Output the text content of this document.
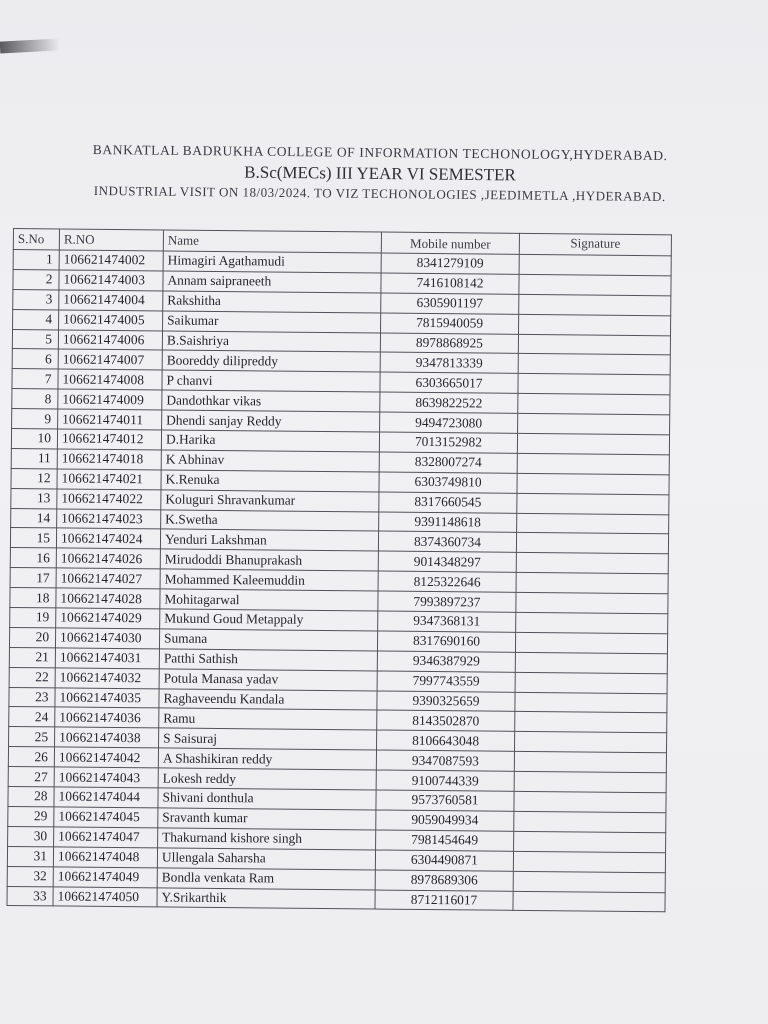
BANKATLAL BADRUKHA COLLEGE OF INFORMATION TECHONOLOGY,HYDERABAD.
B.Sc(MECs) III YEAR VI SEMESTER
INDUSTRIAL VISIT ON 18/03/2024. TO VIZ TECHONOLOGIES ,JEEDIMETLA ,HYDERABAD.
S.No	R.NO	Name	Mobile number	Signature
1	106621474002	Himagiri Agathamudi	8341279109	
2	106621474003	Annam saipraneeth	7416108142	
3	106621474004	Rakshitha	6305901197	
4	106621474005	Saikumar	7815940059	
5	106621474006	B.Saishriya	8978868925	
6	106621474007	Booreddy dilipreddy	9347813339	
7	106621474008	P chanvi	6303665017	
8	106621474009	Dandothkar vikas	8639822522	
9	106621474011	Dhendi sanjay Reddy	9494723080	
10	106621474012	D.Harika	7013152982	
11	106621474018	K Abhinav	8328007274	
12	106621474021	K.Renuka	6303749810	
13	106621474022	Koluguri Shravankumar	8317660545	
14	106621474023	K.Swetha	9391148618	
15	106621474024	Yenduri Lakshman	8374360734	
16	106621474026	Mirudoddi Bhanuprakash	9014348297	
17	106621474027	Mohammed Kaleemuddin	8125322646	
18	106621474028	Mohitagarwal	7993897237	
19	106621474029	Mukund Goud Metappaly	9347368131	
20	106621474030	Sumana	8317690160	
21	106621474031	Patthi Sathish	9346387929	
22	106621474032	Potula Manasa yadav	7997743559	
23	106621474035	Raghaveendu Kandala	9390325659	
24	106621474036	Ramu	8143502870	
25	106621474038	S Saisuraj	8106643048	
26	106621474042	A Shashikiran reddy	9347087593	
27	106621474043	Lokesh reddy	9100744339	
28	106621474044	Shivani donthula	9573760581	
29	106621474045	Sravanth kumar	9059049934	
30	106621474047	Thakurnand kishore singh	7981454649	
31	106621474048	Ullengala Saharsha	6304490871	
32	106621474049	Bondla venkata Ram	8978689306	
33	106621474050	Y.Srikarthik	8712116017	
